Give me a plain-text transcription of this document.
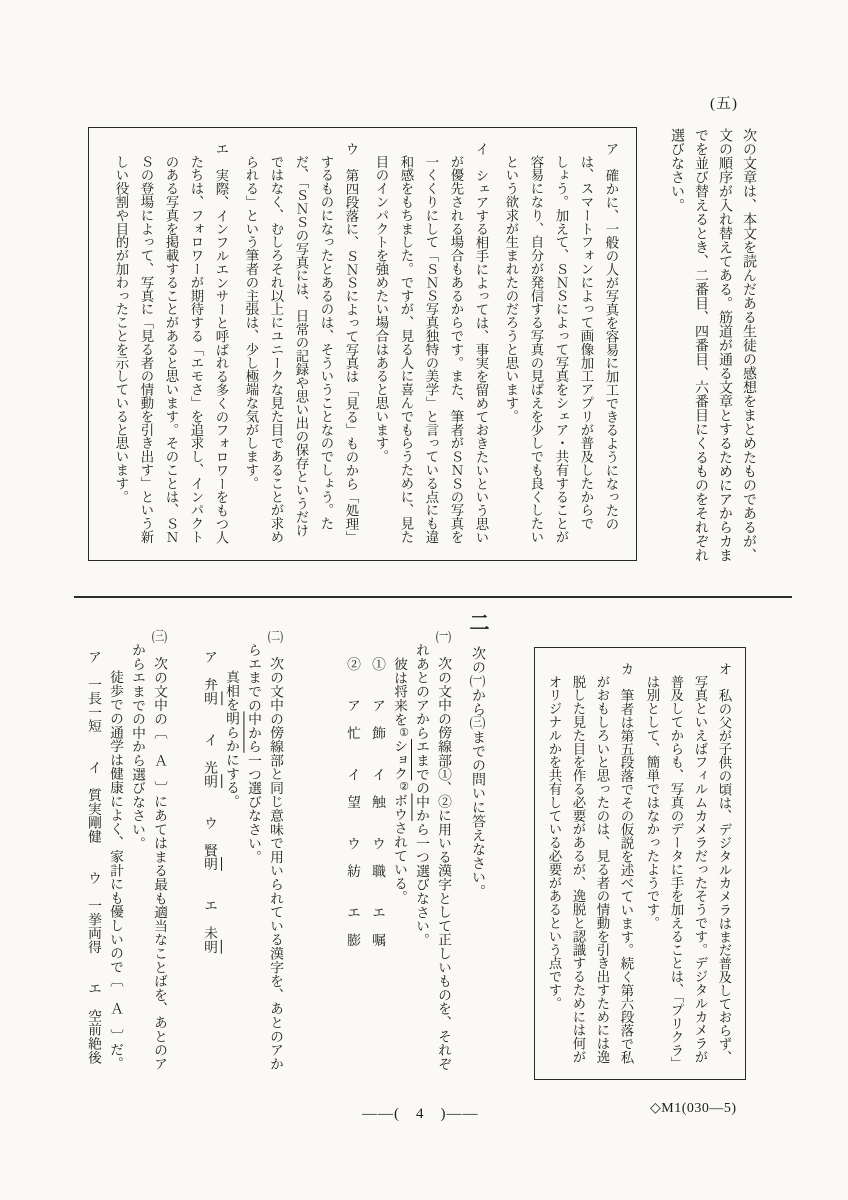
(五)

次の文章は、本文を読んだある生徒の感想をまとめたものであるが、文の順序が入れ替えてある。筋道が通る文章とするためにアからカまでを並び替えるとき、二番目、四番目、六番目にくるものをそれぞれ選びなさい。

ア　確かに、一般の人が写真を容易に加工できるようになったのは、スマートフォンによって画像加工アプリが普及したからでしょう。加えて、ＳＮＳによって写真をシェア・共有することが容易になり、自分が発信する写真の見ばえを少しでも良くしたいという欲求が生まれたのだろうと思います。

イ　シェアする相手によっては、事実を留めておきたいという思いが優先される場合もあるからです。また、筆者がＳＮＳの写真を一くくりにして「ＳＮＳ写真独特の美学」と言っている点にも違和感をもちました。ですが、見る人に喜んでもらうために、見た目のインパクトを強めたい場合はあると思います。

ウ　第四段落に、ＳＮＳによって写真は「見る」ものから「処理」するものになったとあるのは、そういうことなのでしょう。ただ、「ＳＮＳの写真には、日常の記録や思い出の保存というだけではなく、むしろそれ以上にユニークな見た目であることが求められる」という筆者の主張は、少し極端な気がします。

エ　実際、インフルエンサーと呼ばれる多くのフォロワーをもつ人たちは、フォロワーが期待する「エモさ」を追求し、インパクトのある写真を掲載することがあると思います。そのことは、ＳＮＳの登場によって、写真に「見る者の情動を引き出す」という新しい役割や目的が加わったことを示していると思います。

オ　私の父が子供の頃は、デジタルカメラはまだ普及しておらず、写真といえばフィルムカメラだったそうです。デジタルカメラが普及してからも、写真のデータに手を加えることは、「プリクラ」は別として、簡単ではなかったようです。

カ　筆者は第五段落でその仮説を述べています。続く第六段落で私がおもしろいと思ったのは、見る者の情動を引き出すためには逸脱した見た目を作る必要があるが、逸脱と認識するためには何がオリジナルかを共有している必要があるという点です。

二　次の(一)から(三)までの問いに答えなさい。

(一)　次の文中の傍線部①、②に用いる漢字として正しいものを、それぞれあとのアからエまでの中から一つ選びなさい。

彼は将来を①ショク②ボウされている。

①　　ア　飾　　イ　触　　ウ　職　　エ　嘱

②　　ア　忙　　イ　望　　ウ　紡　　エ　膨

(二)　次の文中の傍線部と同じ意味で用いられている漢字を、あとのアからエまでの中から一つ選びなさい。

真相を明らかにする。

ア　弁明　　イ　光明　　ウ　賢明　　エ　未明

(三)　次の文中の〔　Ａ　〕にあてはまる最も適当なことばを、あとのアからエまでの中から選びなさい。

徒歩での通学は健康によく、家計にも優しいので〔　Ａ　〕だ。

ア　一長一短　　イ　質実剛健　　ウ　一挙両得　　エ　空前絶後

——(　4　)——	◇M1(030—5)
